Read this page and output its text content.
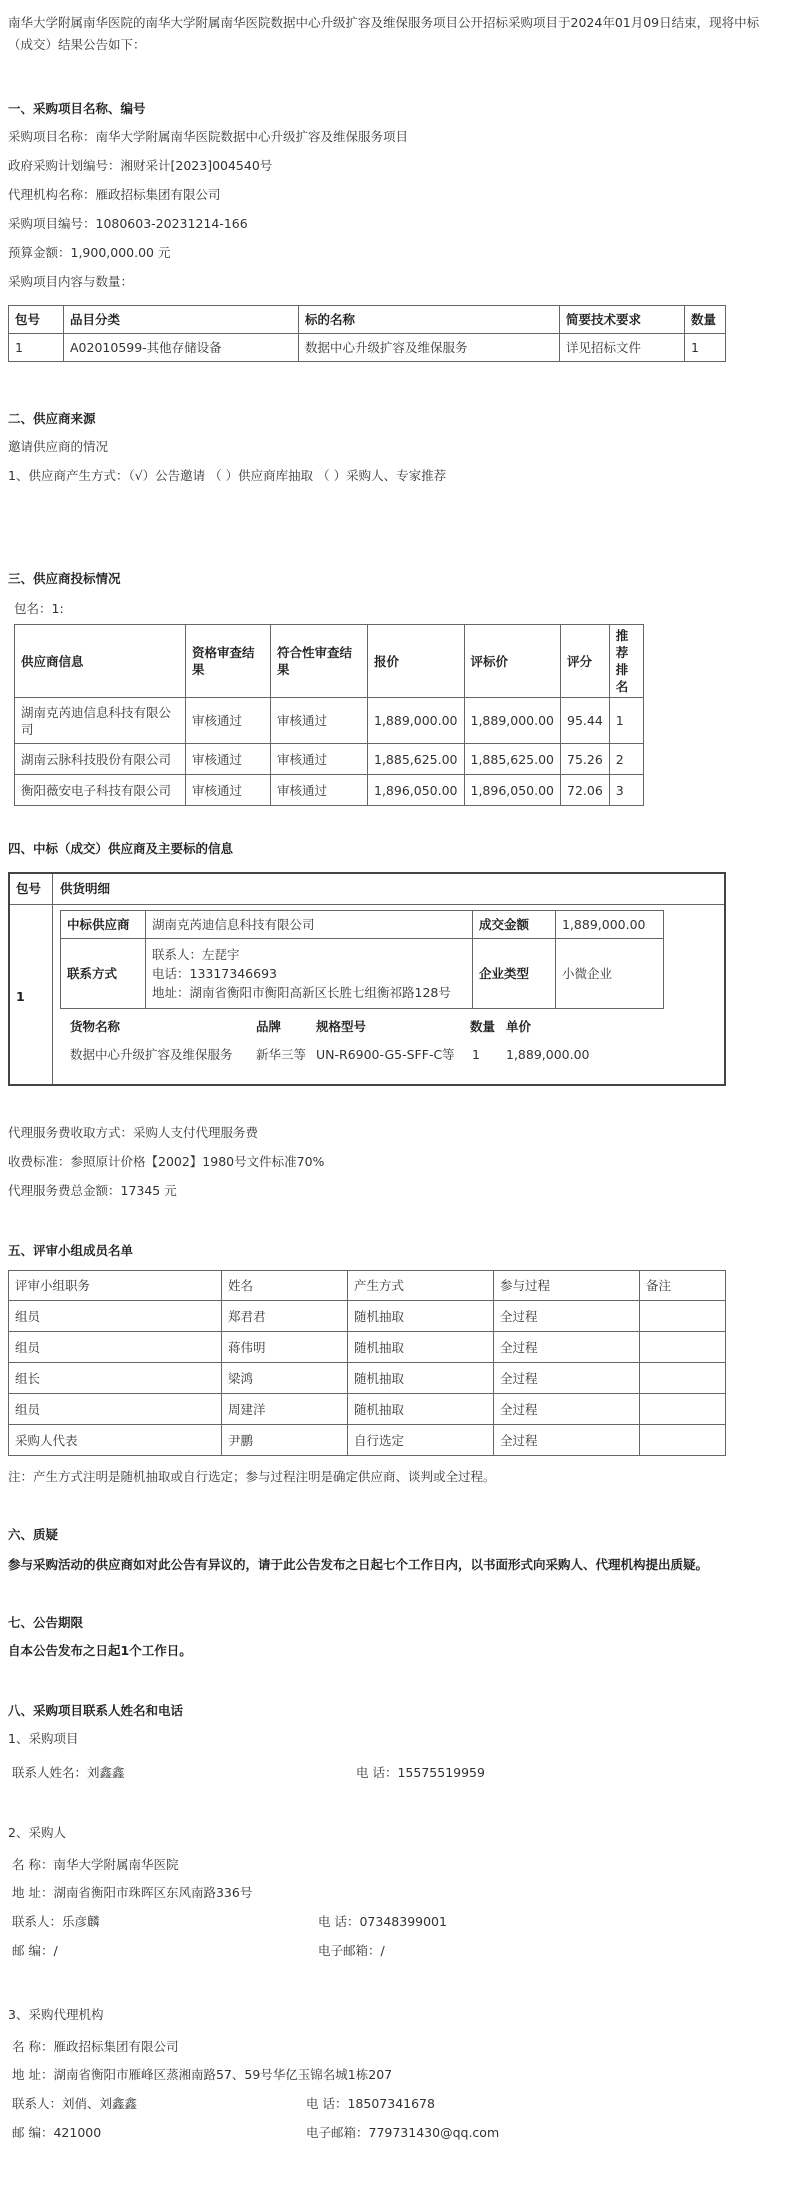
南华大学附属南华医院的南华大学附属南华医院数据中心升级扩容及维保服务项目公开招标采购项目于2024年01月09日结束，现将中标
（成交）结果公告如下：
一、采购项目名称、编号
采购项目名称：南华大学附属南华医院数据中心升级扩容及维保服务项目
政府采购计划编号：湘财采计[2023]004540号
代理机构名称：雁政招标集团有限公司
采购项目编号：1080603-20231214-166
预算金额：1,900,000.00 元
采购项目内容与数量：
包号	品目分类	标的名称	简要技术要求	数量
1	A02010599-其他存储设备	数据中心升级扩容及维保服务	详见招标文件	1
二、供应商来源
邀请供应商的情况
1、供应商产生方式：（√）公告邀请 （ ）供应商库抽取 （ ）采购人、专家推荐
三、供应商投标情况
包名：1:
供应商信息	资格审查结果	符合性审查结果	报价	评标价	评分	推荐排名
湖南克芮迪信息科技有限公司	审核通过	审核通过	1,889,000.00	1,889,000.00	95.44	1
湖南云脉科技股份有限公司	审核通过	审核通过	1,885,625.00	1,885,625.00	75.26	2
衡阳薇安电子科技有限公司	审核通过	审核通过	1,896,050.00	1,896,050.00	72.06	3
四、中标（成交）供应商及主要标的信息
包号 供货明细
1
中标供应商	湖南克芮迪信息科技有限公司	成交金额	1,889,000.00
联系方式	联系人：左琵宇
电话：13317346693
地址：湖南省衡阳市衡阳高新区长胜七组衡祁路128号	企业类型	小微企业
货物名称	品牌	规格型号	数量 单价
数据中心升级扩容及维保服务 新华三等 UN-R6900-G5-SFF-C等 1 1,889,000.00
代理服务费收取方式：采购人支付代理服务费
收费标准：参照原计价格【2002】1980号文件标准70%
代理服务费总金额：17345 元
五、评审小组成员名单
评审小组职务	姓名	产生方式	参与过程	备注
组员	郑君君	随机抽取	全过程	
组员	蒋伟明	随机抽取	全过程	
组长	梁鸿	随机抽取	全过程	
组员	周建洋	随机抽取	全过程	
采购人代表	尹鹏	自行选定	全过程	
注：产生方式注明是随机抽取或自行选定；参与过程注明是确定供应商、谈判或全过程。
六、质疑
参与采购活动的供应商如对此公告有异议的，请于此公告发布之日起七个工作日内，以书面形式向采购人、代理机构提出质疑。
七、公告期限
自本公告发布之日起1个工作日。
八、采购项目联系人姓名和电话
1、采购项目
联系人姓名：刘鑫鑫	电 话：15575519959
2、采购人
名 称：南华大学附属南华医院
地 址：湖南省衡阳市珠晖区东风南路336号
联系人：乐彦麟	电 话：07348399001
邮 编：/	电子邮箱：/
3、采购代理机构
名 称：雁政招标集团有限公司
地 址：湖南省衡阳市雁峰区蒸湘南路57、59号华亿玉锦名城1栋207
联系人：刘俏、刘鑫鑫	电 话：18507341678
邮 编：421000	电子邮箱：779731430@qq.com
